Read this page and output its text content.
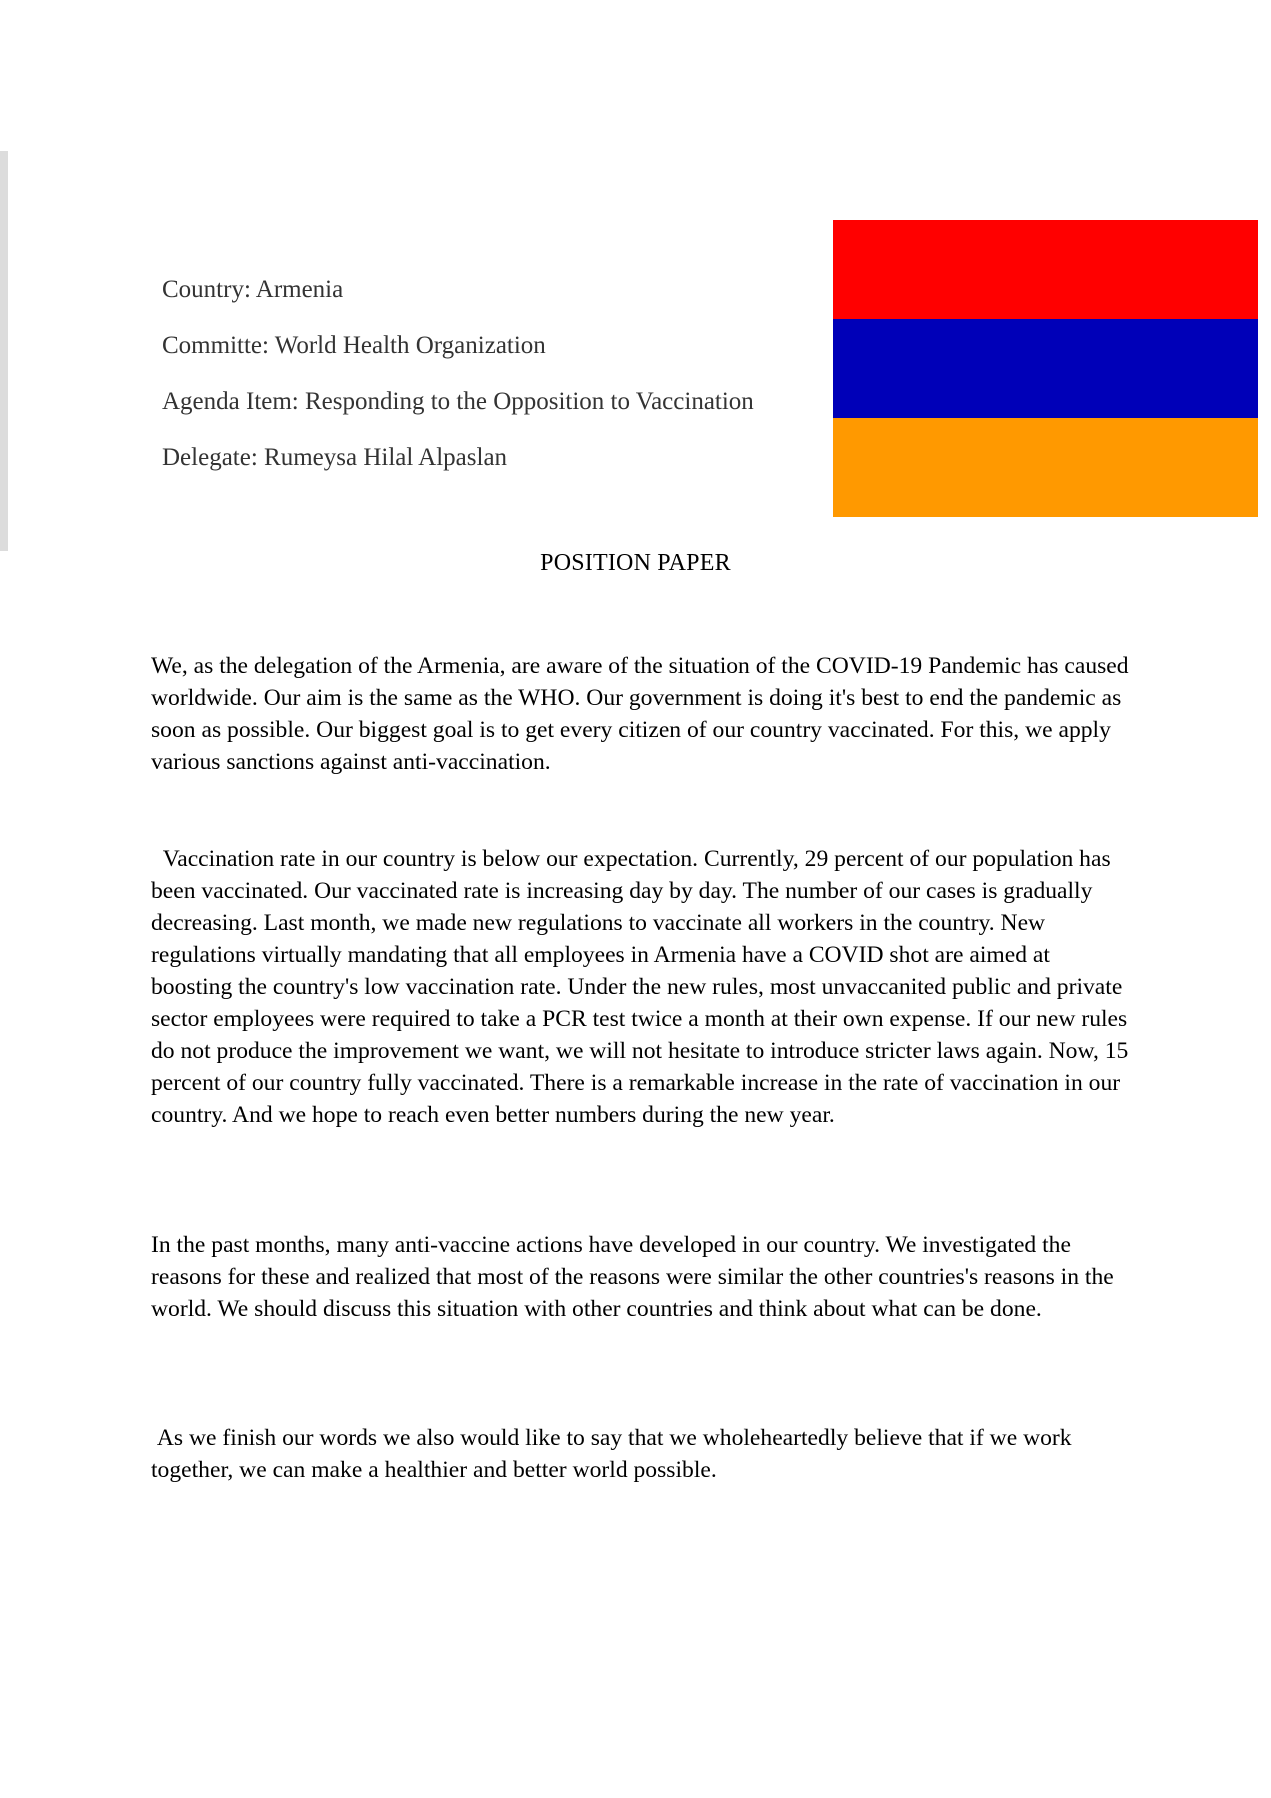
Country: Armenia
Committe: World Health Organization
Agenda Item: Responding to the Opposition to Vaccination
Delegate: Rumeysa Hilal Alpaslan
POSITION PAPER

We, as the delegation of the Armenia, are aware of the situation of the COVID-19 Pandemic has caused worldwide. Our aim is the same as the WHO. Our government is doing it's best to end the pandemic as soon as possible. Our biggest goal is to get every citizen of our country vaccinated. For this, we apply various sanctions against anti-vaccination.

Vaccination rate in our country is below our expectation. Currently, 29 percent of our population has been vaccinated. Our vaccinated rate is increasing day by day. The number of our cases is gradually decreasing. Last month, we made new regulations to vaccinate all workers in the country. New regulations virtually mandating that all employees in Armenia have a COVID shot are aimed at boosting the country's low vaccination rate. Under the new rules, most unvaccanited public and private sector employees were required to take a PCR test twice a month at their own expense. If our new rules do not produce the improvement we want, we will not hesitate to introduce stricter laws again. Now, 15 percent of our country fully vaccinated. There is a remarkable increase in the rate of vaccination in our country. And we hope to reach even better numbers during the new year.

In the past months, many anti-vaccine actions have developed in our country. We investigated the reasons for these and realized that most of the reasons were similar the other countries's reasons in the world. We should discuss this situation with other countries and think about what can be done.

As we finish our words we also would like to say that we wholeheartedly believe that if we work together, we can make a healthier and better world possible.
